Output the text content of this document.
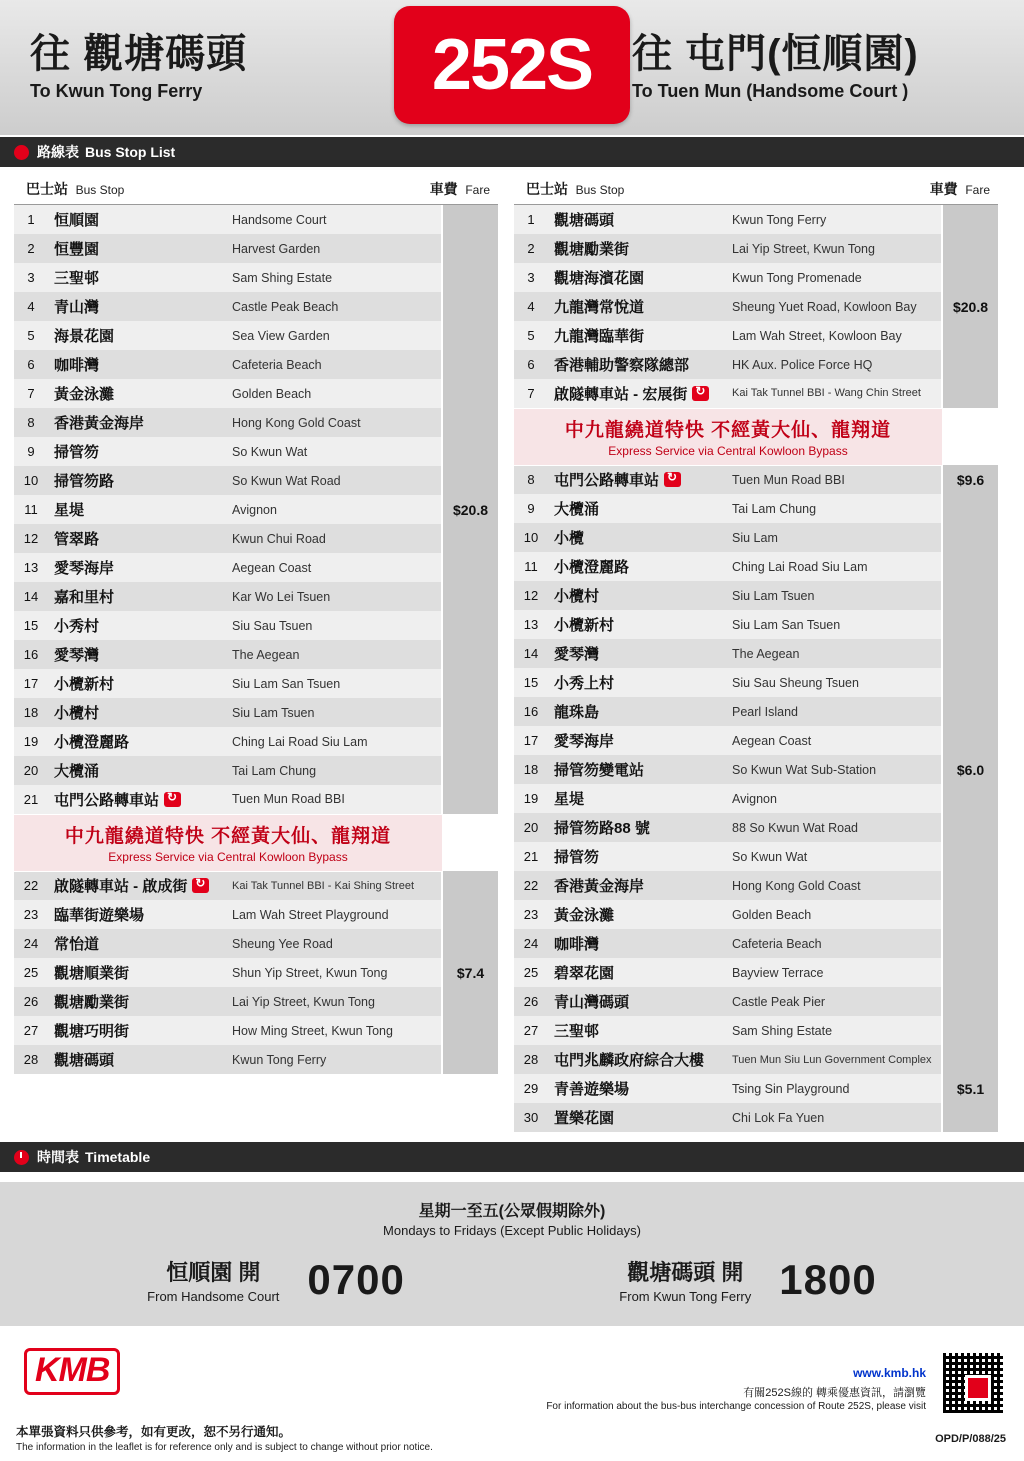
往 觀塘碼頭
To Kwun Tong Ferry	252S 往 屯門(恒順園)
To Tuen Mun (Handsome Court )
路線表 Bus Stop List
巴士站 Bus Stop	車費 Fare
1	恒順園	Handsome Court	$20.8
2	恒豐園	Harvest Garden	
3	三聖邨	Sam Shing Estate	
4	青山灣	Castle Peak Beach	
5	海景花園	Sea View Garden	
6	咖啡灣	Cafeteria Beach	
7	黃金泳灘	Golden Beach	
8	香港黃金海岸	Hong Kong Gold Coast	
9	掃管笏	So Kwun Wat	
10	掃管笏路	So Kwun Wat Road	
11	星堤	Avignon	
12	管翠路	Kwun Chui Road	
13	愛琴海岸	Aegean Coast	
14	嘉和里村	Kar Wo Lei Tsuen	
15	小秀村	Siu Sau Tsuen	
16	愛琴灣	The Aegean	
17	小欖新村	Siu Lam San Tsuen	
18	小欖村	Siu Lam Tsuen	
19	小欖澄麗路	Ching Lai Road Siu Lam	
20	大欖涌	Tai Lam Chung	
21	屯門公路轉車站↻	Tuen Mun Road BBI	

中九龍繞道特快 不經黃大仙、龍翔道
Express Service via Central Kowloon Bypass			

22	啟隧轉車站 - 啟成街↻	Kai Tak Tunnel BBI - Kai Shing Street	$7.4
23	臨華街遊樂場	Lam Wah Street Playground	
24	常怡道	Sheung Yee Road	
25	觀塘順業街	Shun Yip Street, Kwun Tong	
26	觀塘勵業街	Lai Yip Street, Kwun Tong	
27	觀塘巧明街	How Ming Street, Kwun Tong	
28	觀塘碼頭	Kwun Tong Ferry	
巴士站 Bus Stop	車費 Fare
1	觀塘碼頭	Kwun Tong Ferry	$20.8
2	觀塘勵業街	Lai Yip Street, Kwun Tong	
3	觀塘海濱花園	Kwun Tong Promenade	
4	九龍灣常悅道	Sheung Yuet Road, Kowloon Bay	
5	九龍灣臨華街	Lam Wah Street, Kowloon Bay	
6	香港輔助警察隊總部	HK Aux. Police Force HQ	
7	啟隧轉車站 - 宏展街↻	Kai Tak Tunnel BBI - Wang Chin Street	

中九龍繞道特快 不經黃大仙、龍翔道
Express Service via Central Kowloon Bypass			

8	屯門公路轉車站↻	Tuen Mun Road BBI	$9.6
9	大欖涌	Tai Lam Chung	$6.0
10	小欖	Siu Lam	
11	小欖澄麗路	Ching Lai Road Siu Lam	
12	小欖村	Siu Lam Tsuen	
13	小欖新村	Siu Lam San Tsuen	
14	愛琴灣	The Aegean	
15	小秀上村	Siu Sau Sheung Tsuen	
16	龍珠島	Pearl Island	
17	愛琴海岸	Aegean Coast	
18	掃管笏變電站	So Kwun Wat Sub-Station	
19	星堤	Avignon	
20	掃管笏路88 號	88 So Kwun Wat Road	
21	掃管笏	So Kwun Wat	
22	香港黃金海岸	Hong Kong Gold Coast	
23	黃金泳灘	Golden Beach	
24	咖啡灣	Cafeteria Beach	
25	碧翠花園	Bayview Terrace	
26	青山灣碼頭	Castle Peak Pier	
27	三聖邨	Sam Shing Estate	
28	屯門兆麟政府綜合大樓	Tuen Mun Siu Lun Government Complex	$5.1
29	青善遊樂場	Tsing Sin Playground	
30	置樂花園	Chi Lok Fa Yuen	
時間表 Timetable
星期一至五(公眾假期除外)
Mondays to Fridays (Except Public Holidays)
恒順園 開
From Handsome Court 0700	觀塘碼頭 開
From Kwun Tong Ferry 1800
KMB	www.kmb.hk
有關252S線的 轉乘優惠資訊，請瀏覽
For information about the bus-bus interchange concession of Route 252S, please visit
本單張資料只供參考，如有更改，恕不另行通知。
The information in the leaflet is for reference only and is subject to change without prior notice.
OPD/P/088/25
